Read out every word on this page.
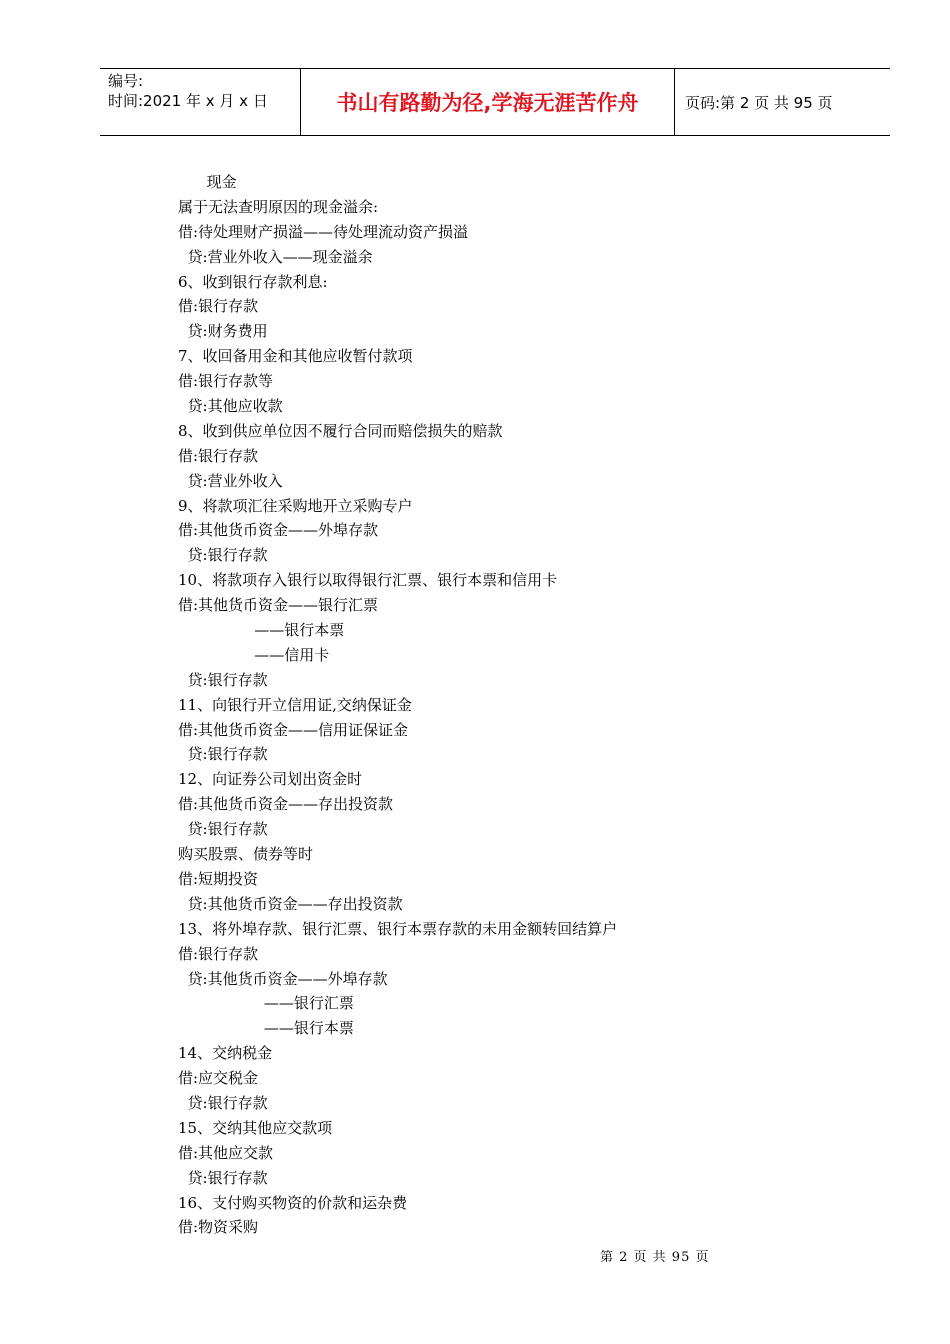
编号:
时间:2021 年 x 月 x 日	书山有路勤为径,学海无涯苦作舟	页码:第 2 页 共 95 页
现金
属于无法查明原因的现金溢余:
借:待处理财产损溢——待处理流动资产损溢
贷:营业外收入——现金溢余
6、收到银行存款利息:
借:银行存款
贷:财务费用
7、收回备用金和其他应收暂付款项
借:银行存款等
贷:其他应收款
8、收到供应单位因不履行合同而赔偿损失的赔款
借:银行存款
贷:营业外收入
9、将款项汇往采购地开立采购专户
借:其他货币资金——外埠存款
贷:银行存款
10、将款项存入银行以取得银行汇票、银行本票和信用卡
借:其他货币资金——银行汇票
——银行本票
——信用卡
贷:银行存款
11、向银行开立信用证,交纳保证金
借:其他货币资金——信用证保证金
贷:银行存款
12、向证券公司划出资金时
借:其他货币资金——存出投资款
贷:银行存款
购买股票、债券等时
借:短期投资
贷:其他货币资金——存出投资款
13、将外埠存款、银行汇票、银行本票存款的未用金额转回结算户
借:银行存款
贷:其他货币资金——外埠存款
——银行汇票
——银行本票
14、交纳税金
借:应交税金
贷:银行存款
15、交纳其他应交款项
借:其他应交款
贷:银行存款
16、支付购买物资的价款和运杂费
借:物资采购
第 2 页 共 95 页
